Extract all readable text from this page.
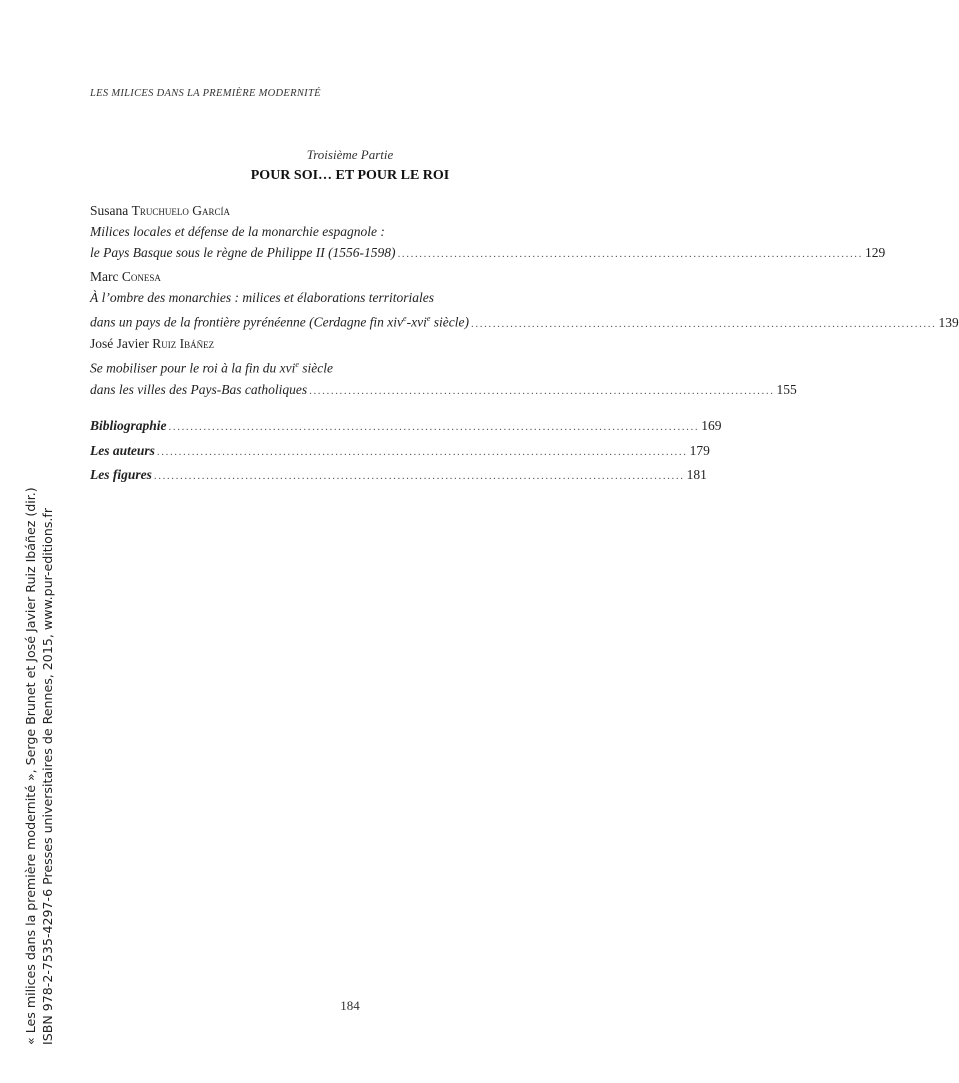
LES MILICES DANS LA PREMIÈRE MODERNITÉ
Troisième Partie
POUR SOI… ET POUR LE ROI
Susana Truchuelo García
Milices locales et défense de la monarchie espagnole :
le Pays Basque sous le règne de Philippe II (1556-1598) ........................................................................................................... 129
Marc Conesa
À l’ombre des monarchies : milices et élaborations territoriales
dans un pays de la frontière pyrénéenne (Cerdagne fin xiv$^e$-xvi$^e$ siècle) ........................................................................................................... 139
José Javier Ruiz Ibáñez
Se mobiliser pour le roi à la fin du xvi$^e$ siècle
dans les villes des Pays-Bas catholiques ........................................................................................................... 155
Bibliographie .......................................................................................................................... 169
Les auteurs .......................................................................................................................... 179
Les figures .......................................................................................................................... 181
184
« Les milices dans la première modernité », Serge Brunet et José Javier Ruiz Ibáñez (dir.) ISBN 978-2-7535-4297-6 Presses universitaires de Rennes, 2015, www.pur-editions.fr
